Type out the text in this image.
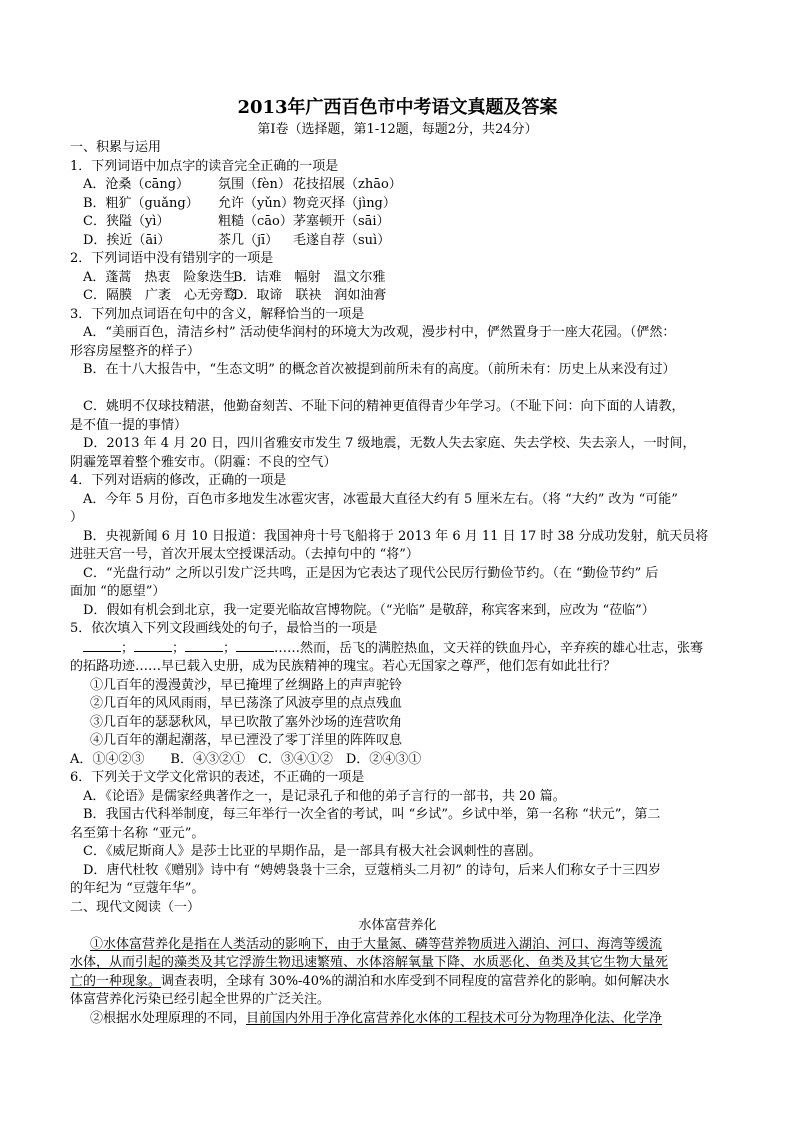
2013年广西百色市中考语文真题及答案

第Ⅰ卷（选择题，第1-12题，每题2分，共24分）

一、积累与运用

1．下列词语中加点字的读音完全正确的一项是

A．沧桑（cāng） 氛围（fèn） 花技招展（zhāo）

B．粗犷（guǎng） 允许（yǔn）物竞灭择（jìng）

C．狭隘（yì）	粗糙（cāo）茅塞顿开（sāi）

D．挨近（āi）	茶几（jī） 毛遂自荐（suì）

2．下列词语中没有错别字的一项是

A．蓬蒿　热衷　险象迭生B．诘难　幅射　温文尔雅

C．隔膜　广袤　心无旁鹜D．取谛　联袂　润如油膏

3．下列加点词语在句中的含义，解释恰当的一项是

A．“美丽百色，清洁乡村” 活动使华润村的环境大为改观，漫步村中，俨然置身于一座大花园。（俨然：

形容房屋整齐的样子）

B．在十八大报告中，“生态文明” 的概念首次被提到前所未有的高度。（前所未有：历史上从来没有过）

C．姚明不仅球技精湛，他勤奋刻苦、不耻下问的精神更值得青少年学习。（不耻下问：向下面的人请教，

是不值一提的事情）

D．2013 年 4 月 20 日，四川省雅安市发生 7 级地震，无数人失去家庭、失去学校、失去亲人，一时间，

阴霾笼罩着整个雅安市。（阴霾：不良的空气）

4．下列对语病的修改，正确的一项是

A．今年 5 月份，百色市多地发生冰雹灾害，冰雹最大直径大约有 5 厘米左右。（将 “大约” 改为 “可能”

）

B．央视新闻 6 月 10 日报道：我国神舟十号飞船将于 2013 年 6 月 11 日 17 时 38 分成功发射，航天员将

进驻天宫一号，首次开展太空授课活动。（去掉句中的 “将”）

C．“光盘行动” 之所以引发广泛共鸣，正是因为它表达了现代公民厉行勤俭节约。（在 “勤俭节约” 后

面加 “的愿望”）

D．假如有机会到北京，我一定要光临故宫博物院。（“光临” 是敬辞，称宾客来到，应改为 “莅临”）

5．依次填入下列文段画线处的句子，最恰当的一项是

；	；	；	……然而，岳飞的满腔热血，文天祥的铁血丹心，辛弃疾的雄心壮志，张骞

的拓路功迹……早已载入史册，成为民族精神的瑰宝。若心无国家之尊严，他们怎有如此壮行？

①几百年的漫漫黄沙，早已掩埋了丝绸路上的声声驼铃

②几百年的风风雨雨，早已荡涤了风波亭里的点点残血

③几百年的瑟瑟秋风，早已吹散了塞外沙场的连营吹角

④几百年的潮起潮落，早已湮没了零丁洋里的阵阵叹息

A．①④②③　　B．④③②①　C．③④①②　D．②④③①

6．下列关于文学文化常识的表述，不正确的一项是

A．《论语》是儒家经典著作之一，是记录孔子和他的弟子言行的一部书，共 20 篇。

B．我国古代科举制度，每三年举行一次全省的考试，叫 “乡试”。乡试中举，第一名称 “状元”，第二

名至第十名称 “亚元”。

C．《威尼斯商人》是莎士比亚的早期作品，是一部具有极大社会讽刺性的喜剧。

D．唐代杜牧《赠别》诗中有 “娉娉袅袅十三余，豆蔻梢头二月初” 的诗句，后来人们称女子十三四岁

的年纪为 “豆蔻年华”。

二、现代文阅读（一）

水体富营养化

①水体富营养化是指在人类活动的影响下，由于大量氮、磷等营养物质进入湖泊、河口、海湾等缓流

水体，从而引起的藻类及其它浮游生物迅速繁殖、水体溶解氧量下降、水质恶化、鱼类及其它生物大量死

亡的一种现象。调查表明，全球有 30%-40%的湖泊和水库受到不同程度的富营养化的影响。如何解决水

体富营养化污染已经引起全世界的广泛关注。

②根据水处理原理的不同，目前国内外用于净化富营养化水体的工程技术可分为物理净化法、化学净
